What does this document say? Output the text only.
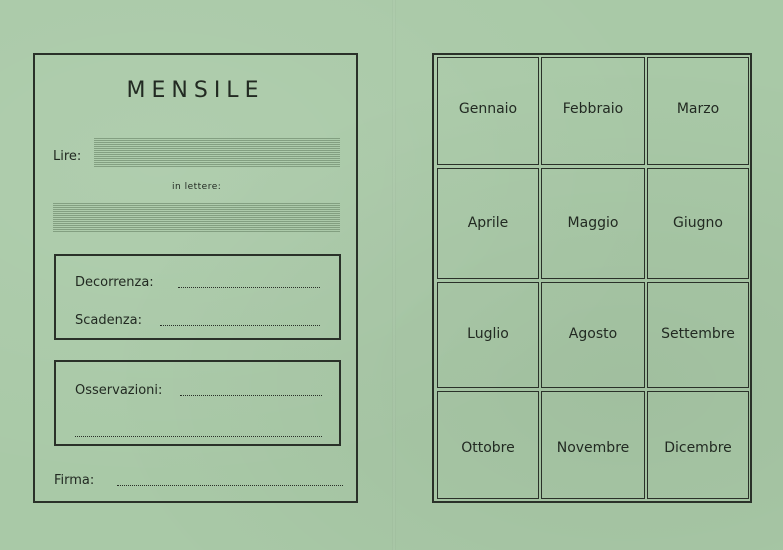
MENSILE
Lire:
in lettere:
Decorrenza:
Scadenza:
Osservazioni:
Firma:
Gennaio	Febbraio	Marzo
Aprile	Maggio	Giugno
Luglio	Agosto	Settembre
Ottobre	Novembre	Dicembre
